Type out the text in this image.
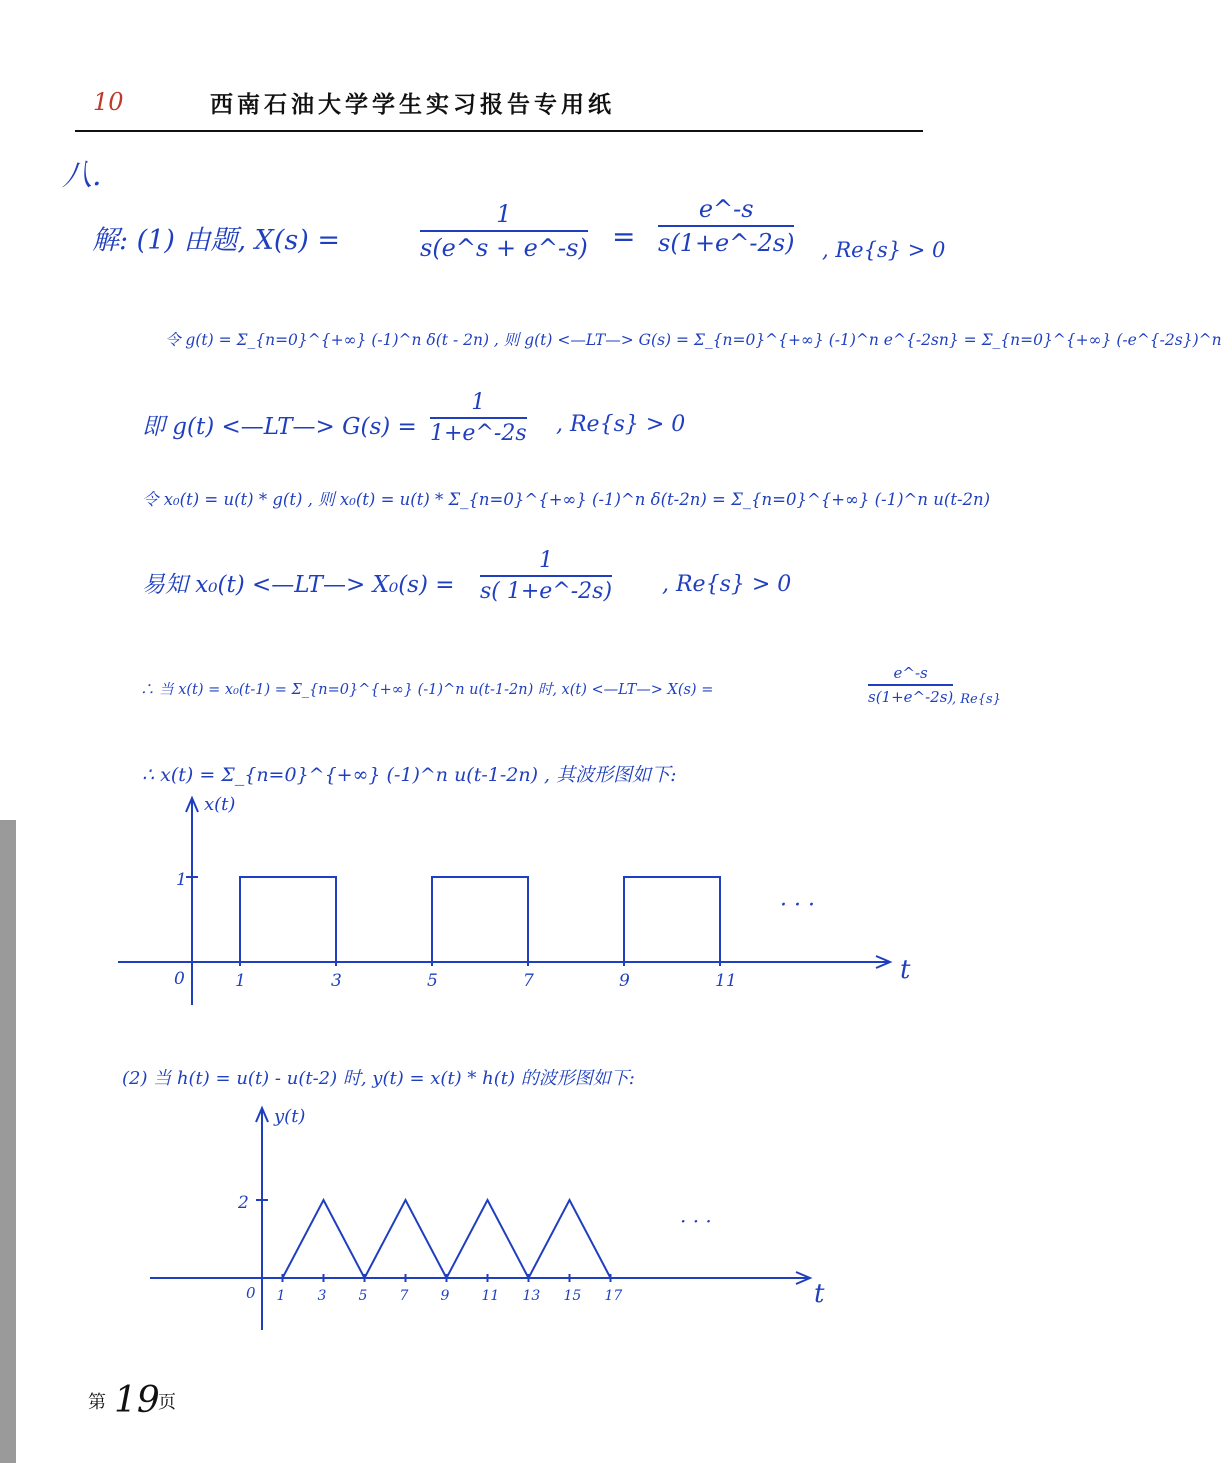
10	西南石油大学学生实习报告专用纸
八.
解: (1) 由题, X(s) =	$\frac{1}{s(e\^{}s + e\^{}-s)} = \frac{e\^{}-s}{s(1+e\^{}-2s)}$ , Re{s} > 0
令 g(t) = Σ_{n=0}^{+∞} (-1)^n δ(t - 2n) , 则 g(t) <—LT—> G(s) = Σ_{n=0}^{+∞} (-1)^n e^{-2sn} = Σ_{n=0}^{+∞} (-e^{-2s})^n
即 g(t) <—LT—> $G(s) = \frac{1}{1+e\^{}-2s}$ , Re{s} > 0
令 x₀(t) = u(t) * g(t) , 则 x₀(t) = u(t) * Σ_{n=0}^{+∞} (-1)^n δ(t-2n) = Σ_{n=0}^{+∞} (-1)^n u(t-2n)
易知 x₀(t) <—LT—> $X_0(s) = \frac{1}{s( 1+e\^{}-2s)}$ , Re{s} > 0
∴ 当 x(t) = x₀(t-1) = Σ_{n=0}^{+∞} (-1)^n u(t-1-2n) 时, x(t) <—LT—> X(s) =	$\frac{e\^{}-s}{s(1+e\^{}-2s)}$
, Re{s}
∴ x(t) = Σ_{n=0}^{+∞} (-1)^n u(t-1-2n) , 其波形图如下:
x(t)
t
0
1
1	3	5	7	9	11
· · ·
(2) 当 h(t) = u(t) - u(t-2) 时, y(t) = x(t) * h(t) 的波形图如下:
y(t)
t
0
2
1 3 5 7 9 11 13 15 17
· · ·
第 19
页
